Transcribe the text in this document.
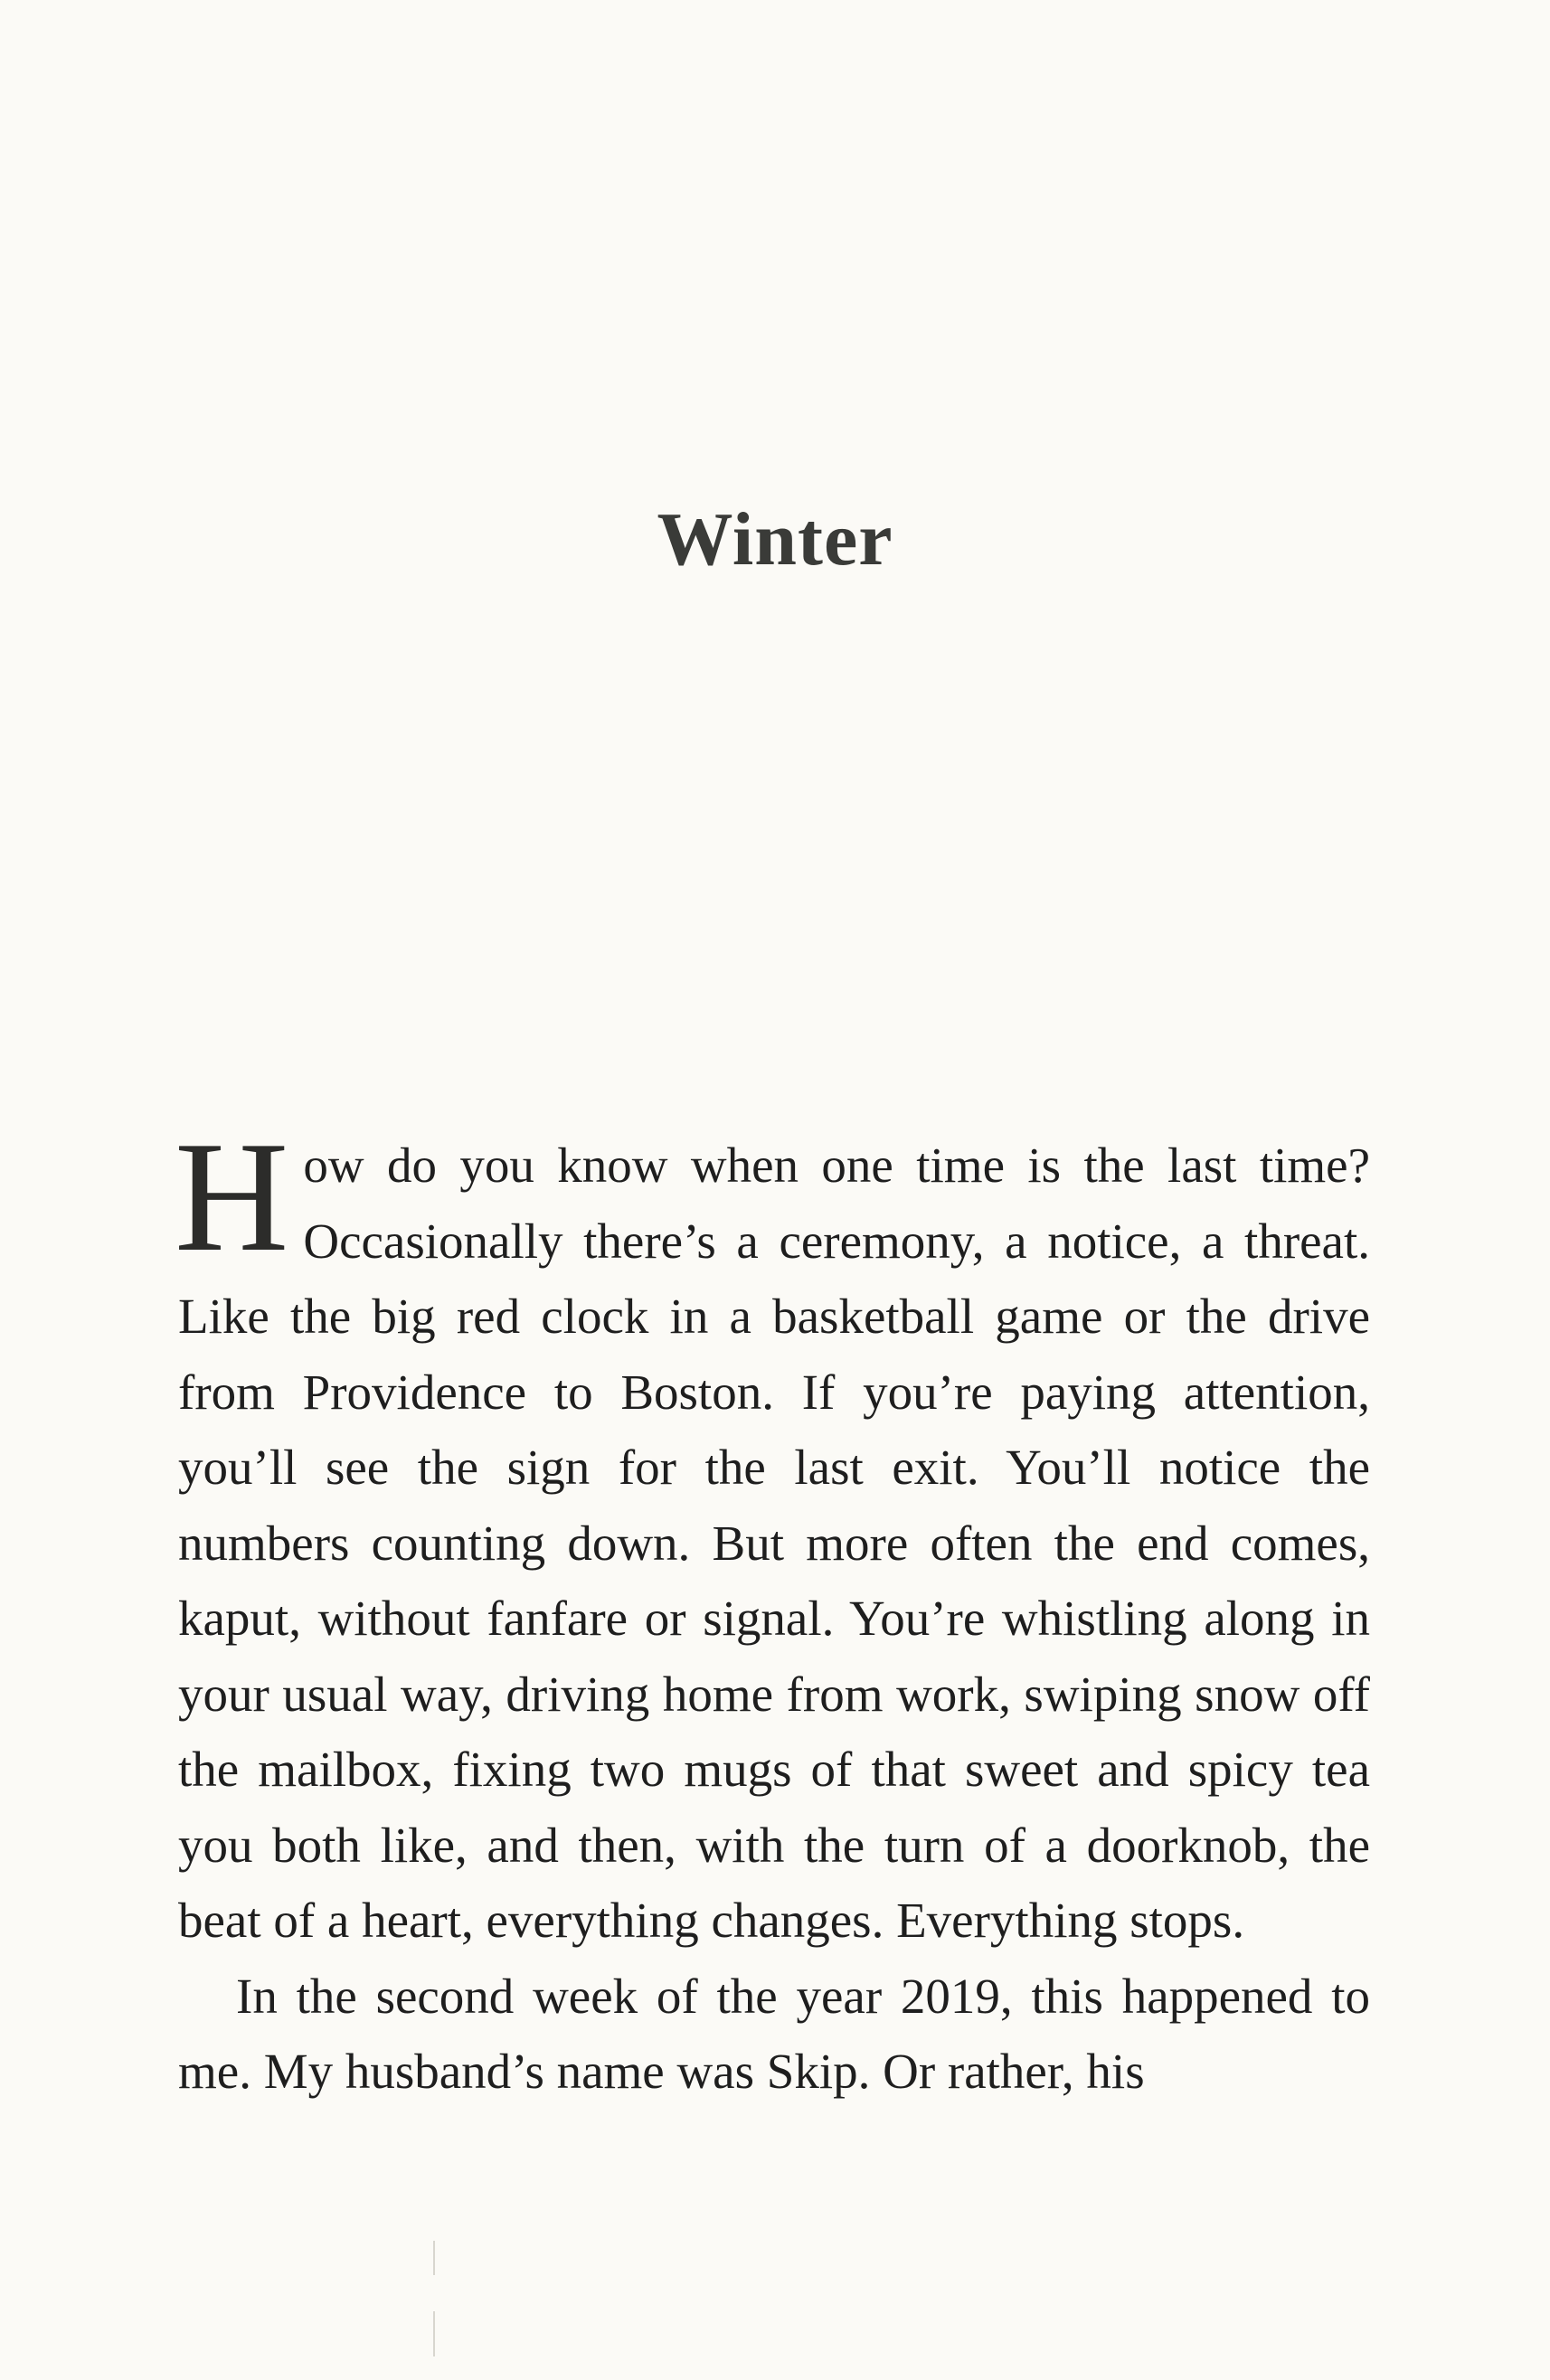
Winter

How do you know when one time is the last time? Occasionally there’s a ceremony, a notice, a threat. Like the big red clock in a basketball game or the drive from Providence to Boston. If you’re paying attention, you’ll see the sign for the last exit. You’ll notice the numbers counting down. But more often the end comes, kaput, without fanfare or signal. You’re whistling along in your usual way, driving home from work, swiping snow off the mailbox, fixing two mugs of that sweet and spicy tea you both like, and then, with the turn of a doorknob, the beat of a heart, everything changes. Everything stops.

In the second week of the year 2019, this happened to me. My husband’s name was Skip. Or rather, his
